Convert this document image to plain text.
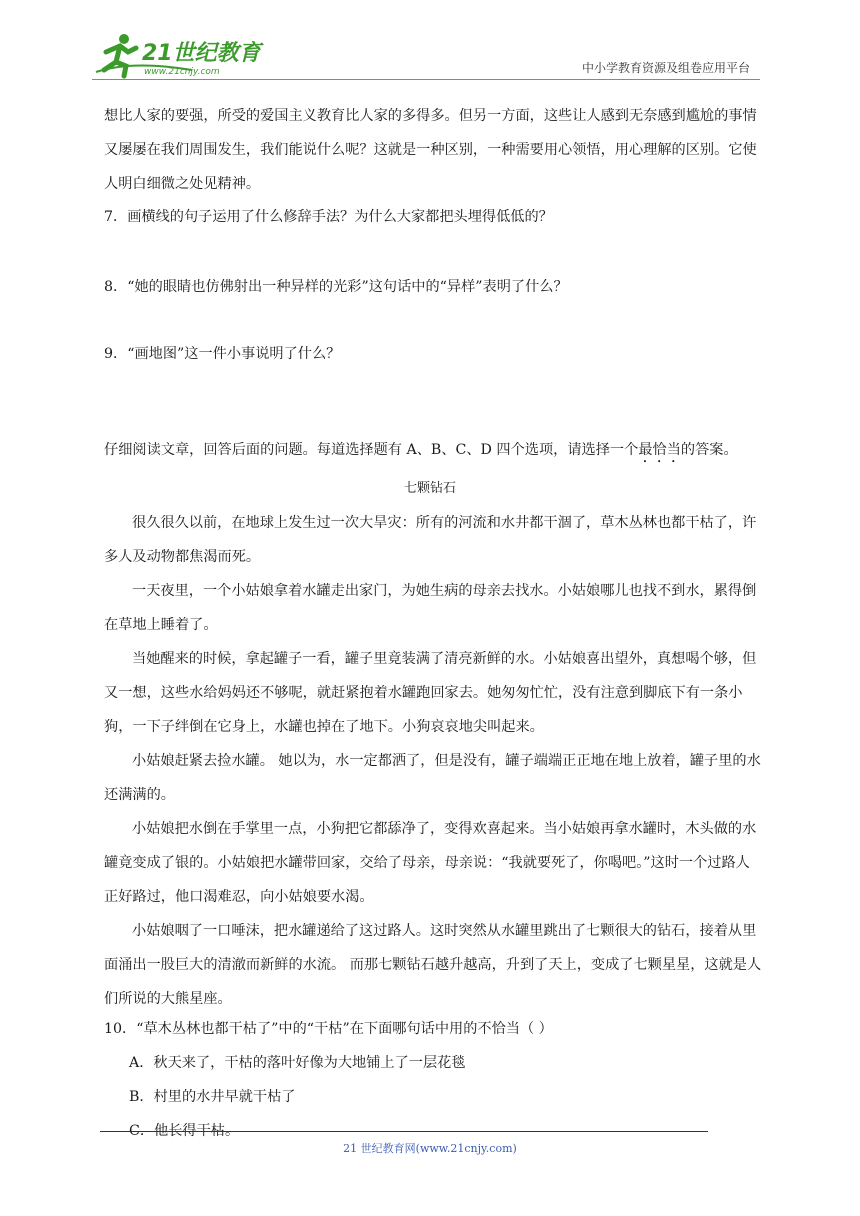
21世纪教育
www.21cnjy.com	中小学教育资源及组卷应用平台
想比人家的要强，所受的爱国主义教育比人家的多得多。但另一方面，这些让人感到无奈感到尴尬的事情又屡屡在我们周围发生，我们能说什么呢？这就是一种区别，一种需要用心领悟，用心理解的区别。它使人明白细微之处见精神。
7．画横线的句子运用了什么修辞手法？为什么大家都把头埋得低低的？
8．“她的眼睛也仿佛射出一种异样的光彩”这句话中的“异样”表明了什么？
9．“画地图”这一件小事说明了什么？
仔细阅读文章，回答后面的问题。每道选择题有 A、B、C、D 四个选项，请选择一个最恰当的答案。
七颗钻石
很久很久以前，在地球上发生过一次大旱灾：所有的河流和水井都干涸了，草木丛林也都干枯了，许多人及动物都焦渴而死。
一天夜里，一个小姑娘拿着水罐走出家门，为她生病的母亲去找水。小姑娘哪儿也找不到水，累得倒在草地上睡着了。
当她醒来的时候，拿起罐子一看，罐子里竟装满了清亮新鲜的水。小姑娘喜出望外，真想喝个够，但又一想，这些水给妈妈还不够呢，就赶紧抱着水罐跑回家去。她匆匆忙忙，没有注意到脚底下有一条小狗，一下子绊倒在它身上，水罐也掉在了地下。小狗哀哀地尖叫起来。
小姑娘赶紧去捡水罐。 她以为，水一定都洒了，但是没有，罐子端端正正地在地上放着，罐子里的水还满满的。
小姑娘把水倒在手掌里一点，小狗把它都舔净了，变得欢喜起来。当小姑娘再拿水罐时，木头做的水罐竟变成了银的。小姑娘把水罐带回家，交给了母亲，母亲说：“我就要死了，你喝吧。”这时一个过路人正好路过，他口渴难忍，向小姑娘要水渴。
小姑娘咽了一口唾沫，把水罐递给了这过路人。这时突然从水罐里跳出了七颗很大的钻石，接着从里面涌出一股巨大的清澈而新鲜的水流。 而那七颗钻石越升越高，升到了天上，变成了七颗星星，这就是人们所说的大熊星座。
10．“草木丛林也都干枯了”中的“干枯”在下面哪句话中用的不恰当（ ）
A．秋天来了，干枯的落叶好像为大地铺上了一层花毯
B．村里的水井早就干枯了
C．他长得干枯。
21 世纪教育网(www.21cnjy.com)
